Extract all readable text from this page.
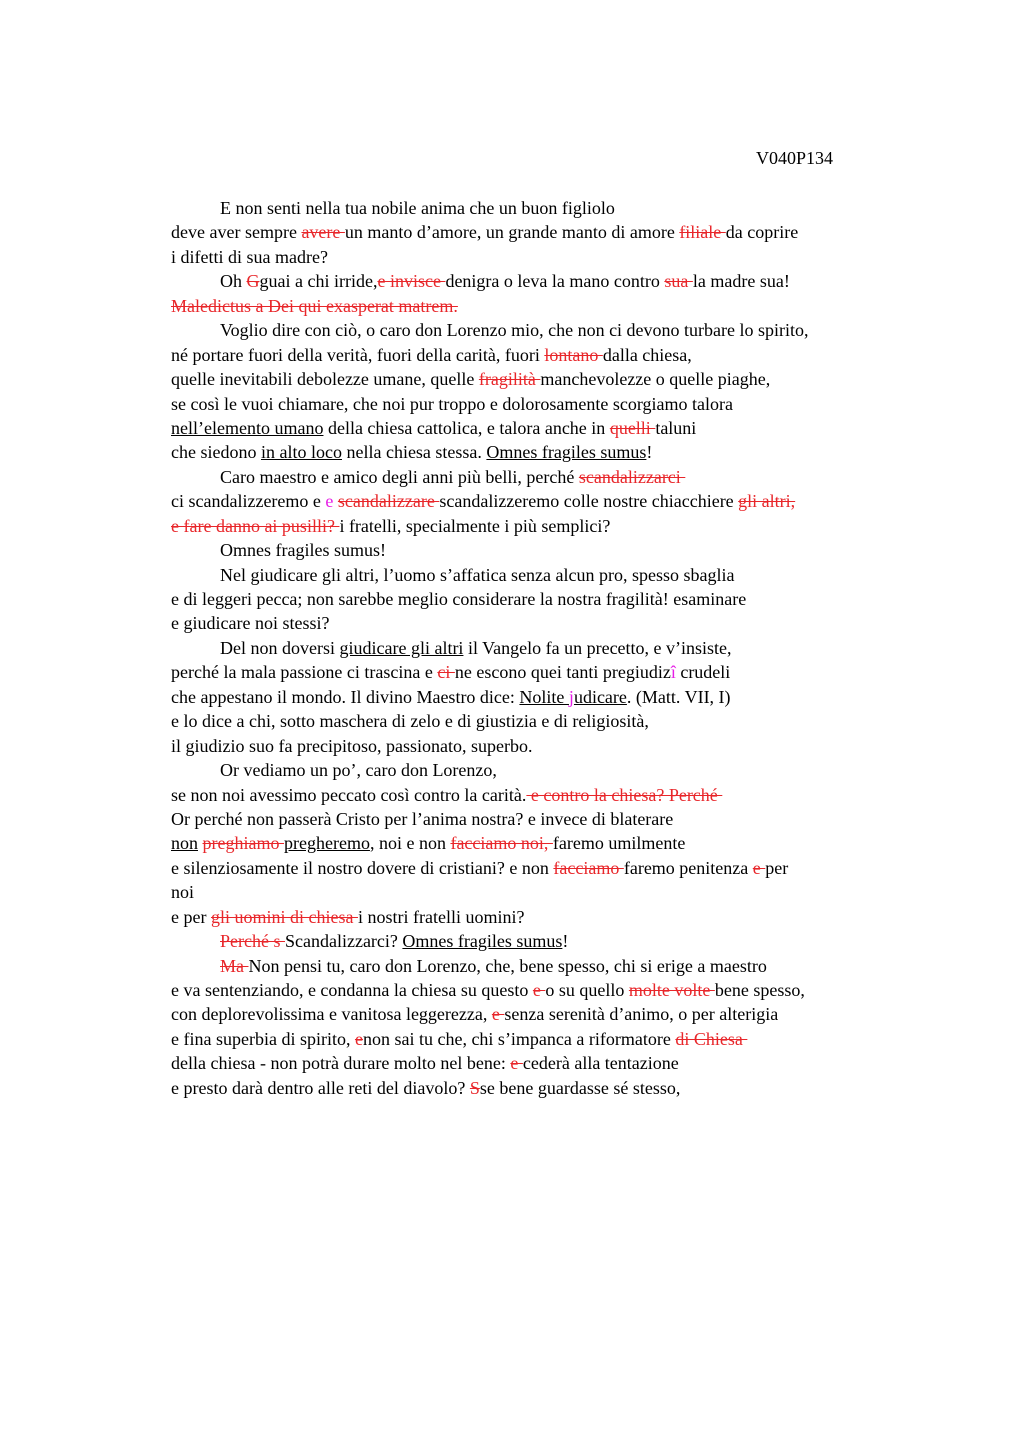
V040P134
E non senti nella tua nobile anima che un buon figliolo
deve aver sempre avere un manto d’amore, un grande manto di amore filiale da coprire
i difetti di sua madre?
Oh Gguai a chi irride,e invisce denigra o leva la mano contro sua la madre sua!
Maledictus a Dei qui exasperat matrem.
Voglio dire con ciò, o caro don Lorenzo mio, che non ci devono turbare lo spirito,
né portare fuori della verità, fuori della carità, fuori lontano dalla chiesa,
quelle inevitabili debolezze umane, quelle fragilità manchevolezze o quelle piaghe,
se così le vuoi chiamare, che noi pur troppo e dolorosamente scorgiamo talora
nell’elemento umano della chiesa cattolica, e talora anche in quelli taluni
che siedono in alto loco nella chiesa stessa. Omnes fragiles sumus!
Caro maestro e amico degli anni più belli, perché scandalizzarci
ci scandalizzeremo e e scandalizzare scandalizzeremo colle nostre chiacchiere gli altri,
e fare danno ai pusilli? i fratelli, specialmente i più semplici?
Omnes fragiles sumus!
Nel giudicare gli altri, l’uomo s’affatica senza alcun pro, spesso sbaglia
e di leggeri pecca; non sarebbe meglio considerare la nostra fragilità! esaminare
e giudicare noi stessi?
Del non doversi giudicare gli altri il Vangelo fa un precetto, e v’insiste,
perché la mala passione ci trascina e ci ne escono quei tanti pregiudizî crudeli
che appestano il mondo. Il divino Maestro dice: Nolite judicare. (Matt. VII, I)
e lo dice a chi, sotto maschera di zelo e di giustizia e di religiosità,
il giudizio suo fa precipitoso, passionato, superbo.
Or vediamo un po’, caro don Lorenzo,
se non noi avessimo peccato così contro la carità. e contro la chiesa? Perché
Or perché non passerà Cristo per l’anima nostra? e invece di blaterare
non preghiamo pregheremo, noi e non facciamo noi, faremo umilmente
e silenziosamente il nostro dovere di cristiani? e non facciamo faremo penitenza e per
noi
e per gli uomini di chiesa i nostri fratelli uomini?
Perché s Scandalizzarci? Omnes fragiles sumus!
Ma Non pensi tu, caro don Lorenzo, che, bene spesso, chi si erige a maestro
e va sentenziando, e condanna la chiesa su questo e o su quello molte volte bene spesso,
con deplorevolissima e vanitosa leggerezza, e senza serenità d’animo, o per alterigia
e fina superbia di spirito, enon sai tu che, chi s’impanca a riformatore di Chiesa
della chiesa - non potrà durare molto nel bene: e cederà alla tentazione
e presto darà dentro alle reti del diavolo? Sse bene guardasse sé stesso,
